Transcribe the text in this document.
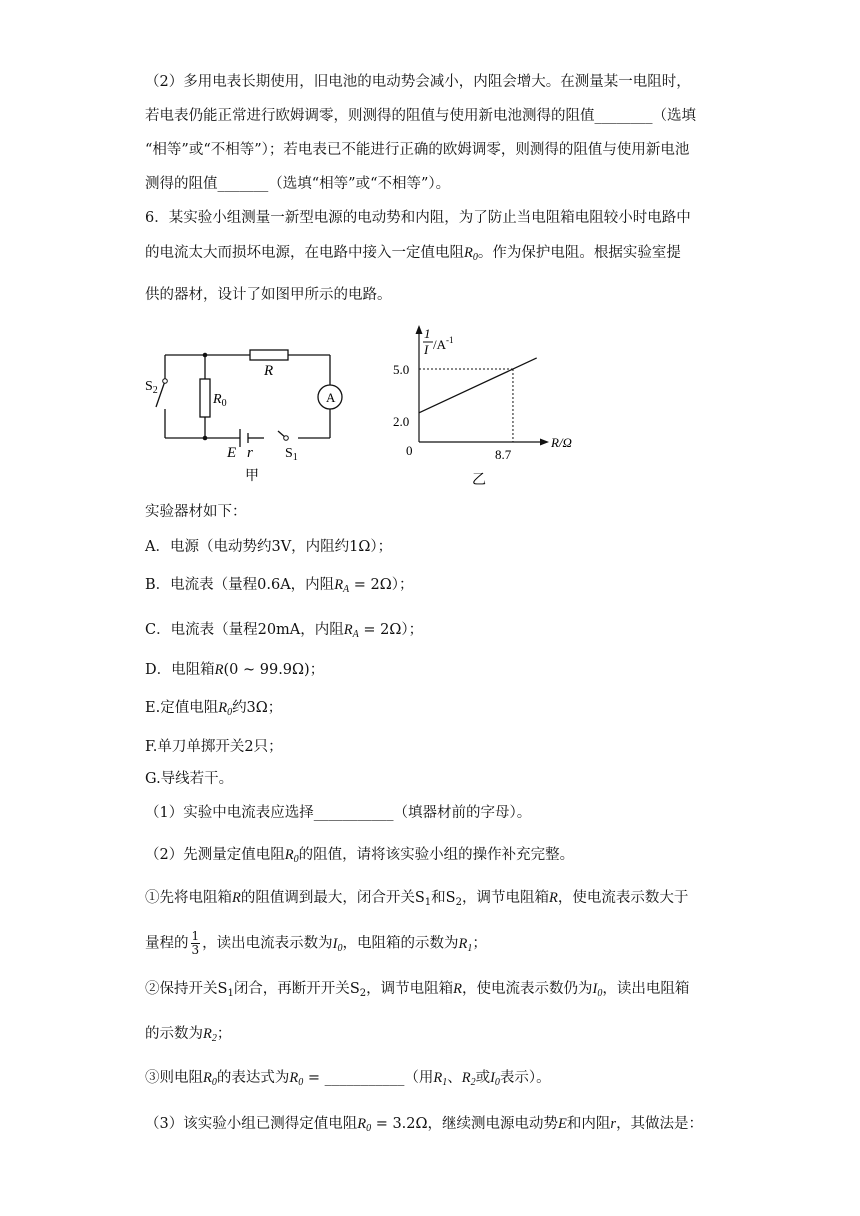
（2）多用电表长期使用，旧电池的电动势会减小，内阻会增大。在测量某一电阻时，
若电表仍能正常进行欧姆调零，则测得的阻值与使用新电池测得的阻值________（选填
“相等”或“不相等”）；若电表已不能进行正确的欧姆调零，则测得的阻值与使用新电池
测得的阻值_______（选填“相等”或“不相等”）。
6．某实验小组测量一新型电源的电动势和内阻，为了防止当电阻箱电阻较小时电路中
的电流太大而损坏电源，在电路中接入一定值电阻$R_0$。作为保护电阻。根据实验室提
供的器材，设计了如图甲所示的电路。
A
R
$R_0$
$S_2$
E r $S_1$
甲
1
I $/A^{-1}$
R/Ω
5.0
2.0
8.7
0
乙
实验器材如下：
A．电源（电动势约3V，内阻约1Ω）；
B．电流表（量程0.6A，内阻$R_A = 2\Omega$）；
C．电流表（量程20mA，内阻$R_A = 2\Omega$）；
D．电阻箱R(0 ~ 99.9Ω)；
E.定值电阻$R_0$约3Ω；
F.单刀单掷开关2只；
G.导线若干。
（1）实验中电流表应选择___________（填器材前的字母）。
（2）先测量定值电阻$R_0$的阻值，请将该实验小组的操作补充完整。
①先将电阻箱R的阻值调到最大，闭合开关$S_1$和$S_2$，调节电阻箱R，使电流表示数大于
量程的 $\frac{1}{3}$ ，读出电流表示数为$I_0$，电阻箱的示数为$R_1$；
②保持开关$S_1$闭合，再断开开关$S_2$，调节电阻箱R，使电流表示数仍为$I_0$，读出电阻箱
的示数为$R_2$；
③则电阻$R_0$的表达式为$R_0$ = ___________（用$R_1$、$R_2$或$I_0$表示）。
（3）该实验小组已测得定值电阻$R_0 = 3.2\Omega$，继续测电源电动势E和内阻r，其做法是：
